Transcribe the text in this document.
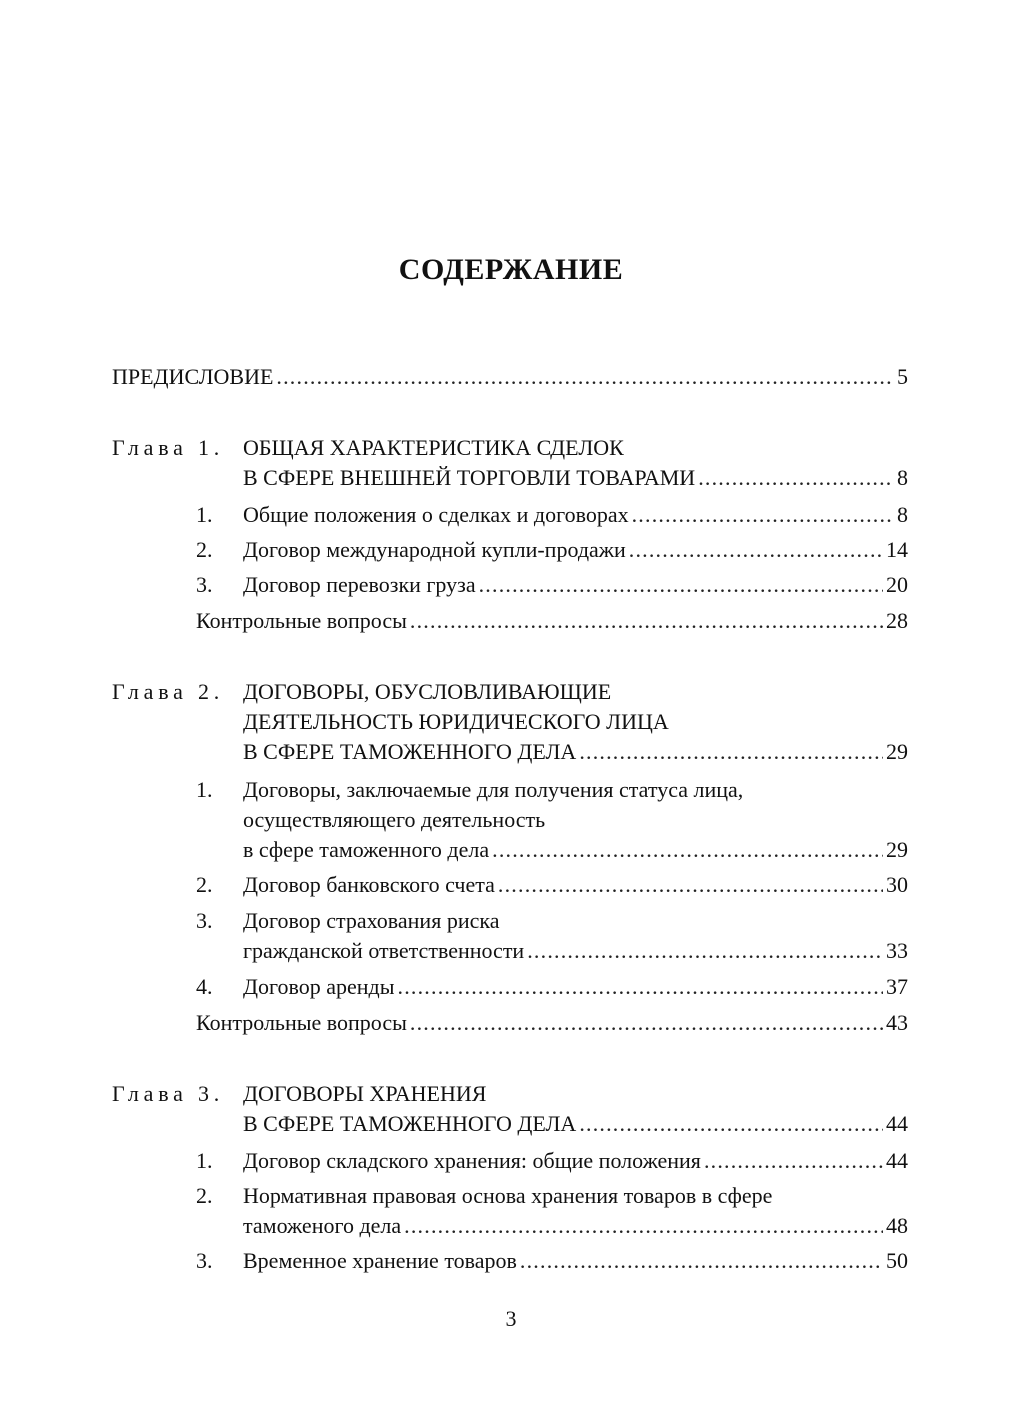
СОДЕРЖАНИЕ
ПРЕДИСЛОВИЕ .....	5
Глава 1. ОБЩАЯ ХАРАКТЕРИСТИКА СДЕЛОК
В СФЕРЕ ВНЕШНЕЙ ТОРГОВЛИ ТОВАРАМИ .....	8
1. Общие положения о сделках и договорах .....	8
2. Договор международной купли-продажи .....	14
3. Договор перевозки груза .....	20
Контрольные вопросы .....	28
Глава 2. ДОГОВОРЫ, ОБУСЛОВЛИВАЮЩИЕ
ДЕЯТЕЛЬНОСТЬ ЮРИДИЧЕСКОГО ЛИЦА
В СФЕРЕ ТАМОЖЕННОГО ДЕЛА .....	29
1. Договоры, заключаемые для получения статуса лица,
осуществляющего деятельность
в сфере таможенного дела .....	29
2. Договор банковского счета .....	30
3. Договор страхования риска
гражданской ответственности .....	33
4. Договор аренды .....	37
Контрольные вопросы .....	43
Глава 3. ДОГОВОРЫ ХРАНЕНИЯ
В СФЕРЕ ТАМОЖЕННОГО ДЕЛА .....	44
1. Договор складского хранения: общие положения .....	44
2. Нормативная правовая основа хранения товаров в сфере
таможеного дела .....	48
3. Временное хранение товаров .....	50
3
